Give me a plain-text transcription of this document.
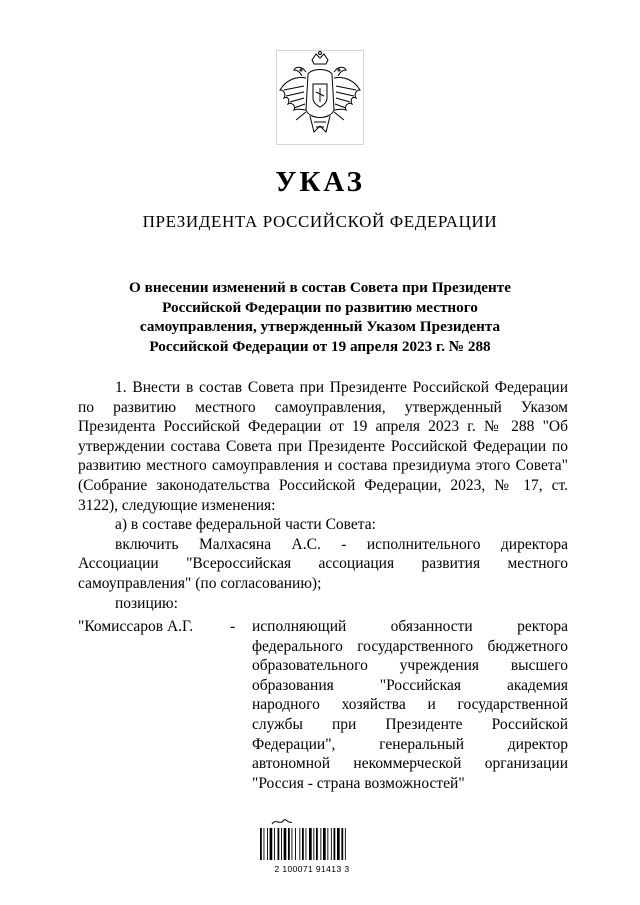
УКАЗ
ПРЕЗИДЕНТА РОССИЙСКОЙ ФЕДЕРАЦИИ
О внесении изменений в состав Совета при Президенте
Российской Федерации по развитию местного
самоуправления, утвержденный Указом Президента
Российской Федерации от 19 апреля 2023 г. № 288

1. Внести в состав Совета при Президенте Российской Федерации по развитию местного самоуправления, утвержденный Указом Президента Российской Федерации от 19 апреля 2023 г. № 288 "Об утверждении состава Совета при Президенте Российской Федерации по развитию местного самоуправления и состава президиума этого Совета" (Собрание законодательства Российской Федерации, 2023, № 17, ст. 3122), следующие изменения:

а) в составе федеральной части Совета:

включить Малхасяна А.С. - исполнительного директора

Ассоциации "Всероссийская ассоциация развития местного

самоуправления" (по согласованию);

позицию:

"Комиссаров А.Г.	-	исполняющий обязанности ректора
федерального государственного бюджетного
образовательного учреждения высшего
образования "Российская академия
народного хозяйства и государственной
службы при Президенте Российской
Федерации", генеральный директор
автономной некоммерческой организации
"Россия - страна возможностей"
2 100071 91413 3
